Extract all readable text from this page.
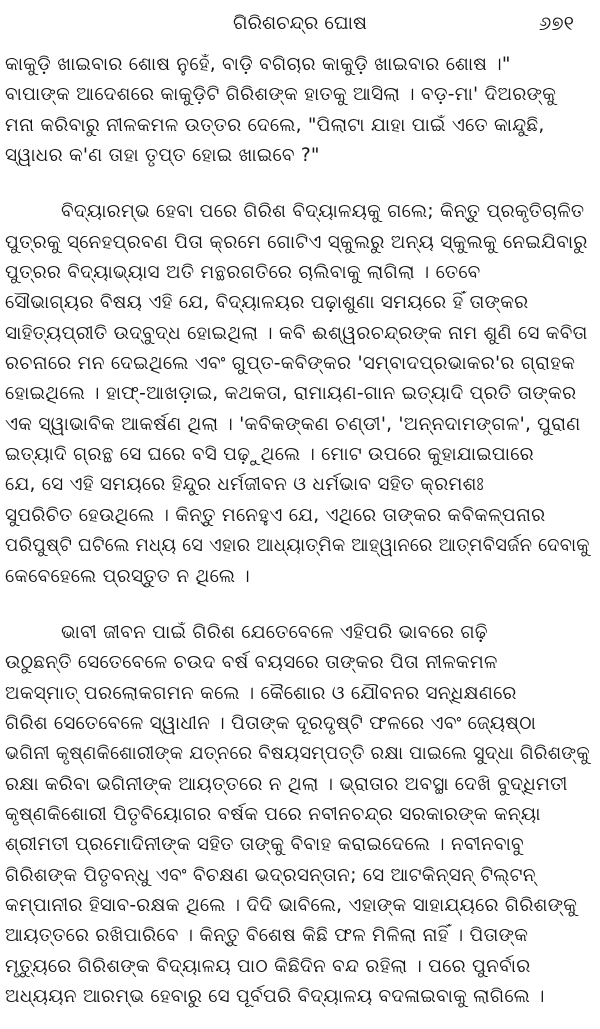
ଗିରିଶଚନ୍ଦ୍ର ଘୋଷ	୬୭୧
କାକୁଡ଼ି ଖାଇବାର ଶୋଷ ନୁହେଁ, ବାଡ଼ି ବଗିଚାର କାକୁଡ଼ି ଖାଇବାର ଶୋଷ ।"
ବାପାଙ୍କ ଆଦେଶରେ କାକୁଡ଼ିଟି ଗିରିଶଙ୍କ ହାତକୁ ଆସିଲା । ବଡ଼-ମା' ଦିଅରଙ୍କୁ
ମନା କରିବାରୁ ନୀଳକମଳ ଉତ୍ତର ଦେଲେ, "ପିଲାଟା ଯାହା ପାଇଁ ଏତେ କାନ୍ଦୁଛି,
ସ୍ୱାଧର କ'ଣ ତାହା ତୃପ୍ତ ହୋଇ ଖାଇବେ ?"
ବିଦ୍ୟାରମ୍ଭ ହେବା ପରେ ଗିରିଶ ବିଦ୍ୟାଳୟକୁ ଗଲେ; କିନ୍ତୁ ପ୍ରକୃତିଚାଳିତ
ପୁତ୍ରକୁ ସ୍ନେହପ୍ରବଣ ପିତା କ୍ରମେ ଗୋଟିଏ ସ୍କୁଲରୁ ଅନ୍ୟ ସ୍କୁଲକୁ ନେଇଯିବାରୁ
ପୁତ୍ରର ବିଦ୍ୟାଭ୍ୟାସ ଅତି ମନ୍ଥରଗତିରେ ଚାଲିବାକୁ ଲାଗିଲା । ତେବେ
ସୌଭାଗ୍ୟର ବିଷୟ ଏହି ଯେ, ବିଦ୍ୟାଳୟର ପଢ଼ାଶୁଣା ସମୟରେ ହିଁ ତାଙ୍କର
ସାହିତ୍ୟପ୍ରୀତି ଉଦ୍‌ବୁଦ୍ଧ ହୋଇଥିଲା । କବି ଈଶ୍ୱରଚନ୍ଦ୍ରଙ୍କ ନାମ ଶୁଣି ସେ କବିତା
ରଚନାରେ ମନ ଦେଇଥିଲେ ଏବଂ ଗୁପ୍ତ-କବିଙ୍କର 'ସମ୍ବାଦପ୍ରଭାକର'ର ଗ୍ରାହକ
ହୋଇଥିଲେ । ହାଫ୍-ଆଖଡ଼ାଇ, କଥକତା, ରାମାୟଣ-ଗାନ ଇତ୍ୟାଦି ପ୍ରତି ତାଙ୍କର
ଏକ ସ୍ୱାଭାବିକ ଆକର୍ଷଣ ଥିଲା । 'କବିକଙ୍କଣ ଚଣ୍ଡୀ', 'ଅନ୍ନଦାମଙ୍ଗଳ', ପୁରାଣ
ଇତ୍ୟାଦି ଗ୍ରନ୍ଥ ସେ ଘରେ ବସି ପଢ଼ୁଥିଲେ । ମୋଟ ଉପରେ କୁହାଯାଇପାରେ
ଯେ, ସେ ଏହି ସମୟରେ ହିନ୍ଦୁର ଧର୍ମଜୀବନ ଓ ଧର୍ମଭାବ ସହିତ କ୍ରମଶଃ
ସୁପରିଚିତ ହେଉଥିଲେ । କିନ୍ତୁ ମନେହୁଏ ଯେ, ଏଥିରେ ତାଙ୍କର କବିକଳ୍ପନାର
ପରିପୁଷ୍ଟି ଘଟିଲେ ମଧ୍ୟ ସେ ଏହାର ଆଧ୍ୟାତ୍ମିକ ଆହ୍ୱାନରେ ଆତ୍ମବିସର୍ଜନ ଦେବାକୁ
କେବେହେଲେ ପ୍ରସ୍ତୁତ ନ ଥିଲେ ।
ଭାବୀ ଜୀବନ ପାଇଁ ଗିରିଶ ଯେତେବେଳେ ଏହିପରି ଭାବରେ ଗଢ଼ି
ଉଠୁଛନ୍ତି ସେତେବେଳେ ଚଉଦ ବର୍ଷ ବୟସରେ ତାଙ୍କର ପିତା ନୀଳକମଳ
ଅକସ୍ମାତ୍ ପରଲୋକଗମନ କଲେ । କୈଶୋର ଓ ଯୌବନର ସନ୍ଧିକ୍ଷଣରେ
ଗିରିଶ ସେତେବେଳେ ସ୍ୱାଧୀନ । ପିତାଙ୍କ ଦୂରଦୃଷ୍ଟି ଫଳରେ ଏବଂ ଜ୍ୟେଷ୍ଠା
ଭଗିନୀ କୃଷ୍ଣକିଶୋରୀଙ୍କ ଯତ୍ନରେ ବିଷୟସମ୍ପତ୍ତି ରକ୍ଷା ପାଇଲେ ସୁଦ୍ଧା ଗିରିଶଙ୍କୁ
ରକ୍ଷା କରିବା ଭଗିନୀଙ୍କ ଆୟତ୍ତରେ ନ ଥିଲା । ଭ୍ରାତାର ଅବସ୍ଥା ଦେଖି ବୁଦ୍ଧିମତୀ
କୃଷ୍ଣକିଶୋରୀ ପିତୃବିୟୋଗର ବର୍ଷକ ପରେ ନବୀନଚନ୍ଦ୍ର ସରକାରଙ୍କ କନ୍ୟା
ଶ୍ରୀମତୀ ପ୍ରମୋଦିନୀଙ୍କ ସହିତ ତାଙ୍କୁ ବିବାହ କରାଇଦେଲେ । ନବୀନବାବୁ
ଗିରିଶଙ୍କ ପିତୃବନ୍ଧୁ ଏବଂ ବିଚକ୍ଷଣ ଭଦ୍ରସନ୍ତାନ; ସେ ଆଟକିନ୍‌ସନ୍ ଟିଲ୍‌ଟନ୍
କମ୍ପାନୀର ହିସାବ-ରକ୍ଷକ ଥିଲେ । ଦିଦି ଭାବିଲେ, ଏହାଙ୍କ ସାହାଯ୍ୟରେ ଗିରିଶଙ୍କୁ
ଆୟତ୍ତରେ ରଖିପାରିବେ । କିନ୍ତୁ ବିଶେଷ କିଛି ଫଳ ମିଳିଲା ନାହିଁ । ପିତାଙ୍କ
ମୃତ୍ୟୁରେ ଗିରିଶଙ୍କ ବିଦ୍ୟାଳୟ ପାଠ କିଛିଦିନ ବନ୍ଦ ରହିଲା । ପରେ ପୁନର୍ବାର
ଅଧ୍ୟୟନ ଆରମ୍ଭ ହେବାରୁ ସେ ପୂର୍ବପରି ବିଦ୍ୟାଳୟ ବଦଳାଇବାକୁ ଲାଗିଲେ ।
